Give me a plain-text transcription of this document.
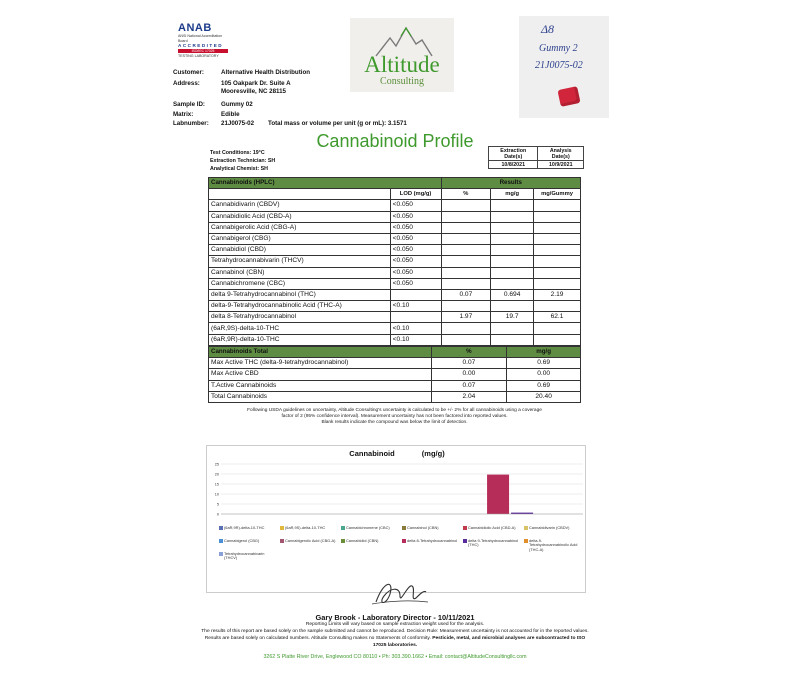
ANAB
ANSI National Accreditation Board
ACCREDITED
ISO/IEC 17025
TESTING LABORATORY	Altitude
Consulting
Δ8
Gummy 2
21J0075-02
Customer:	Alternative Health Distribution
Address:	105 Oakpark Dr. Suite A
Mooresville, NC 28115
Sample ID:	Gummy 02
Matrix:	Edible
Labnumber: 21J0075-02 Total mass or volume per unit (g or mL): 3.1571
Cannabinoid Profile
Test Conditions: 19°C
Extraction Technician: SH
Analytical Chemist: SH
Extraction
Date(s)	Analysis
Date(s)
10/8/2021	10/9/2021
Cannabinoids (HPLC)		Results		
	LOD (mg/g)	%	mg/g	mg/Gummy
Cannabidivarin (CBDV)	<0.050			
Cannabidiolic Acid (CBD-A)	<0.050			
Cannabigerolic Acid (CBG-A)	<0.050			
Cannabigerol (CBG)	<0.050			
Cannabidiol (CBD)	<0.050			
Tetrahydrocannabivarin (THCV)	<0.050			
Cannabinol (CBN)	<0.050			
Cannabichromene (CBC)	<0.050			
delta 9-Tetrahydrocannabinol (THC)		0.07	0.694	2.19
delta-9-Tetrahydrocannabinolic Acid (THC-A)	<0.10			
delta 8-Tetrahydrocannabinol		1.97	19.7	62.1
(6aR,9S)-delta-10-THC	<0.10			
(6aR,9R)-delta-10-THC	<0.10			
Cannabinoids Total	%	mg/g
Max Active THC (delta-9-tetrahydrocannabinol)	0.07	0.69
Max Active CBD	0.00	0.00
T.Active Cannabinoids	0.07	0.69
Total Cannabinoids	2.04	20.40
Following USDA guidelines on uncertainty, Altitude Consulting's uncertainty is calculated to be +/- 2% for all cannabinoids using a coverage
factor of 2 (95% confidence interval). Measurement uncertainty has not been factored into reported values.
Blank results indicate the compound was below the limit of detection.
Cannabinoid	(mg/g)
25
20
15
10
5
0
(6aR,9R)-delta-10-THC	(6aR,9S)-delta-10-THC	Cannabichromene (CBC)	Cannabinol (CBN)	Cannabidiolic Acid (CBD-A)	Cannabidivarin (CBDV)
Cannabigerol (CBG)	Cannabigerolic Acid (CBG-A)	Cannabidiol (CBN)	delta 8-Tetrahydrocannabinol	delta 9-Tetrahydrocannabinol (THC)
delta-9-Tetrahydrocannabinolic Acid (THC-A)
Tetrahydrocannabivarin (THCV)
Gary Brook - Laboratory Director - 10/11/2021
Reporting Limits will vary based on sample extraction weight used for the analysis.
The results of this report are based solely on the sample submitted and cannot be reproduced. Decision Rule: Measurement uncertainty is not accounted for in the reported values.
Results are based solely on calculated numbers. Altitude Consulting makes no Statements of conformity. Pesticide, metal, and microbial analyses are subcontracted to ISO
17025 laboratories.
3262 S Platte River Drive, Englewood CO 80110 • Ph: 303.390.1662 • Email: contact@AltitudeConsultingllc.com
